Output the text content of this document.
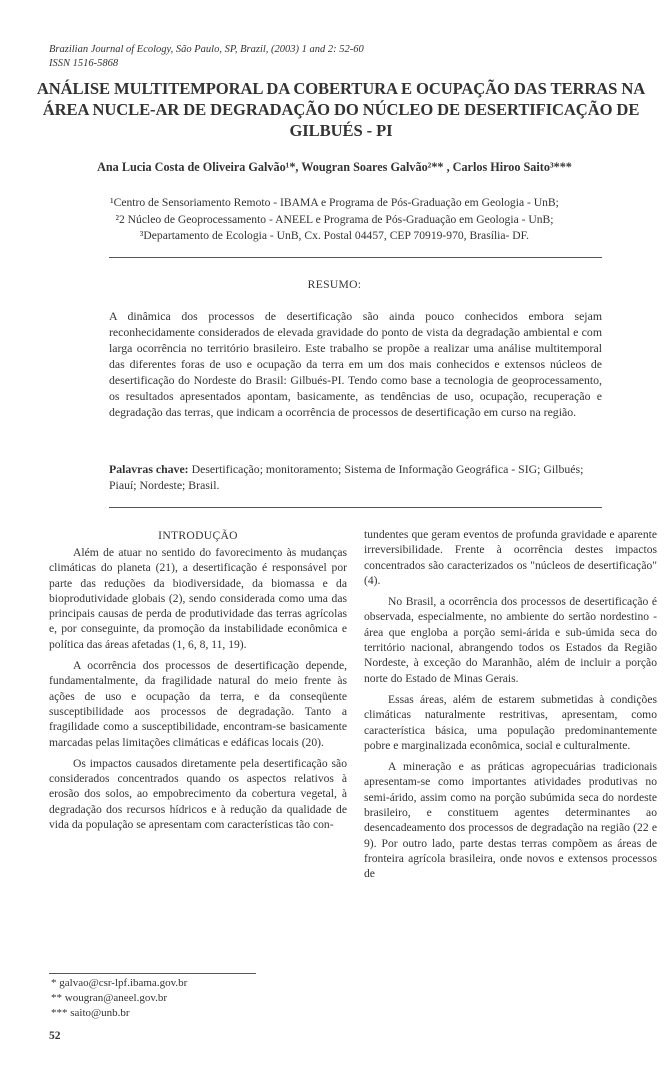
Brazilian Journal of Ecology, São Paulo, SP, Brazil, (2003) 1 and 2: 52-60
ISSN 1516-5868
ANÁLISE MULTITEMPORAL DA COBERTURA E OCUPAÇÃO DAS TERRAS NA
ÁREA NUCLE-AR DE DEGRADAÇÃO DO NÚCLEO DE DESERTIFICAÇÃO DE
GILBUÉS - PI
Ana Lucia Costa de Oliveira Galvão¹*, Wougran Soares Galvão²** , Carlos Hiroo Saito³***
¹Centro de Sensoriamento Remoto - IBAMA e Programa de Pós-Graduação em Geologia - UnB;
²2 Núcleo de Geoprocessamento - ANEEL e Programa de Pós-Graduação em Geologia - UnB;
³Departamento de Ecologia - UnB, Cx. Postal 04457, CEP 70919-970, Brasília- DF.
RESUMO:
A dinâmica dos processos de desertificação são ainda pouco conhecidos embora sejam reconhecidamente considerados de elevada gravidade do ponto de vista da degradação ambiental e com larga ocorrência no território brasileiro. Este trabalho se propõe a realizar uma análise multitemporal das diferentes foras de uso e ocupação da terra em um dos mais conhecidos e extensos núcleos de desertificação do Nordeste do Brasil: Gilbués-PI. Tendo como base a tecnologia de geoprocessamento, os resultados apresentados apontam, basicamente, as tendências de uso, ocupação, recuperação e degradação das terras, que indicam a ocorrência de processos de desertificação em curso na região.
Palavras chave: Desertificação; monitoramento; Sistema de Informação Geográfica - SIG; Gilbués; Piauí; Nordeste; Brasil.
INTRODUÇÃO

Além de atuar no sentido do favorecimento às mudanças climáticas do planeta (21), a desertificação é responsável por parte das reduções da biodiversidade, da biomassa e da bioprodutividade globais (2), sendo considerada como uma das principais causas de perda de produtividade das terras agrícolas e, por conseguinte, da promoção da instabilidade econômica e política das áreas afetadas (1, 6, 8, 11, 19).

A ocorrência dos processos de desertificação depende, fundamentalmente, da fragilidade natural do meio frente às ações de uso e ocupação da terra, e da conseqüente susceptibilidade aos processos de degradação. Tanto a fragilidade como a susceptibilidade, encontram-se basicamente marcadas pelas limitações climáticas e edáficas locais (20).

Os impactos causados diretamente pela desertificação são considerados concentrados quando os aspectos relativos à erosão dos solos, ao empobrecimento da cobertura vegetal, à degradação dos recursos hídricos e à redução da qualidade de vida da população se apresentam com características tão con-

tundentes que geram eventos de profunda gravidade e aparente irreversibilidade. Frente à ocorrência destes impactos concentrados são caracterizados os "núcleos de desertificação" (4).

No Brasil, a ocorrência dos processos de desertificação é observada, especialmente, no ambiente do sertão nordestino - área que engloba a porção semi-árida e sub-úmida seca do território nacional, abrangendo todos os Estados da Região Nordeste, à exceção do Maranhão, além de incluir a porção norte do Estado de Minas Gerais.

Essas áreas, além de estarem submetidas à condições climáticas naturalmente restritivas, apresentam, como característica básica, uma população predominantemente pobre e marginalizada econômica, social e culturalmente.

A mineração e as práticas agropecuárias tradicionais apresentam-se como importantes atividades produtivas no semi-árido, assim como na porção subúmida seca do nordeste brasileiro, e constituem agentes determinantes ao desencadeamento dos processos de degradação na região (22 e 9). Por outro lado, parte destas terras compõem as áreas de fronteira agrícola brasileira, onde novos e extensos processos de

* galvao@csr-lpf.ibama.gov.br
** wougran@aneel.gov.br
*** saito@unb.br
52
